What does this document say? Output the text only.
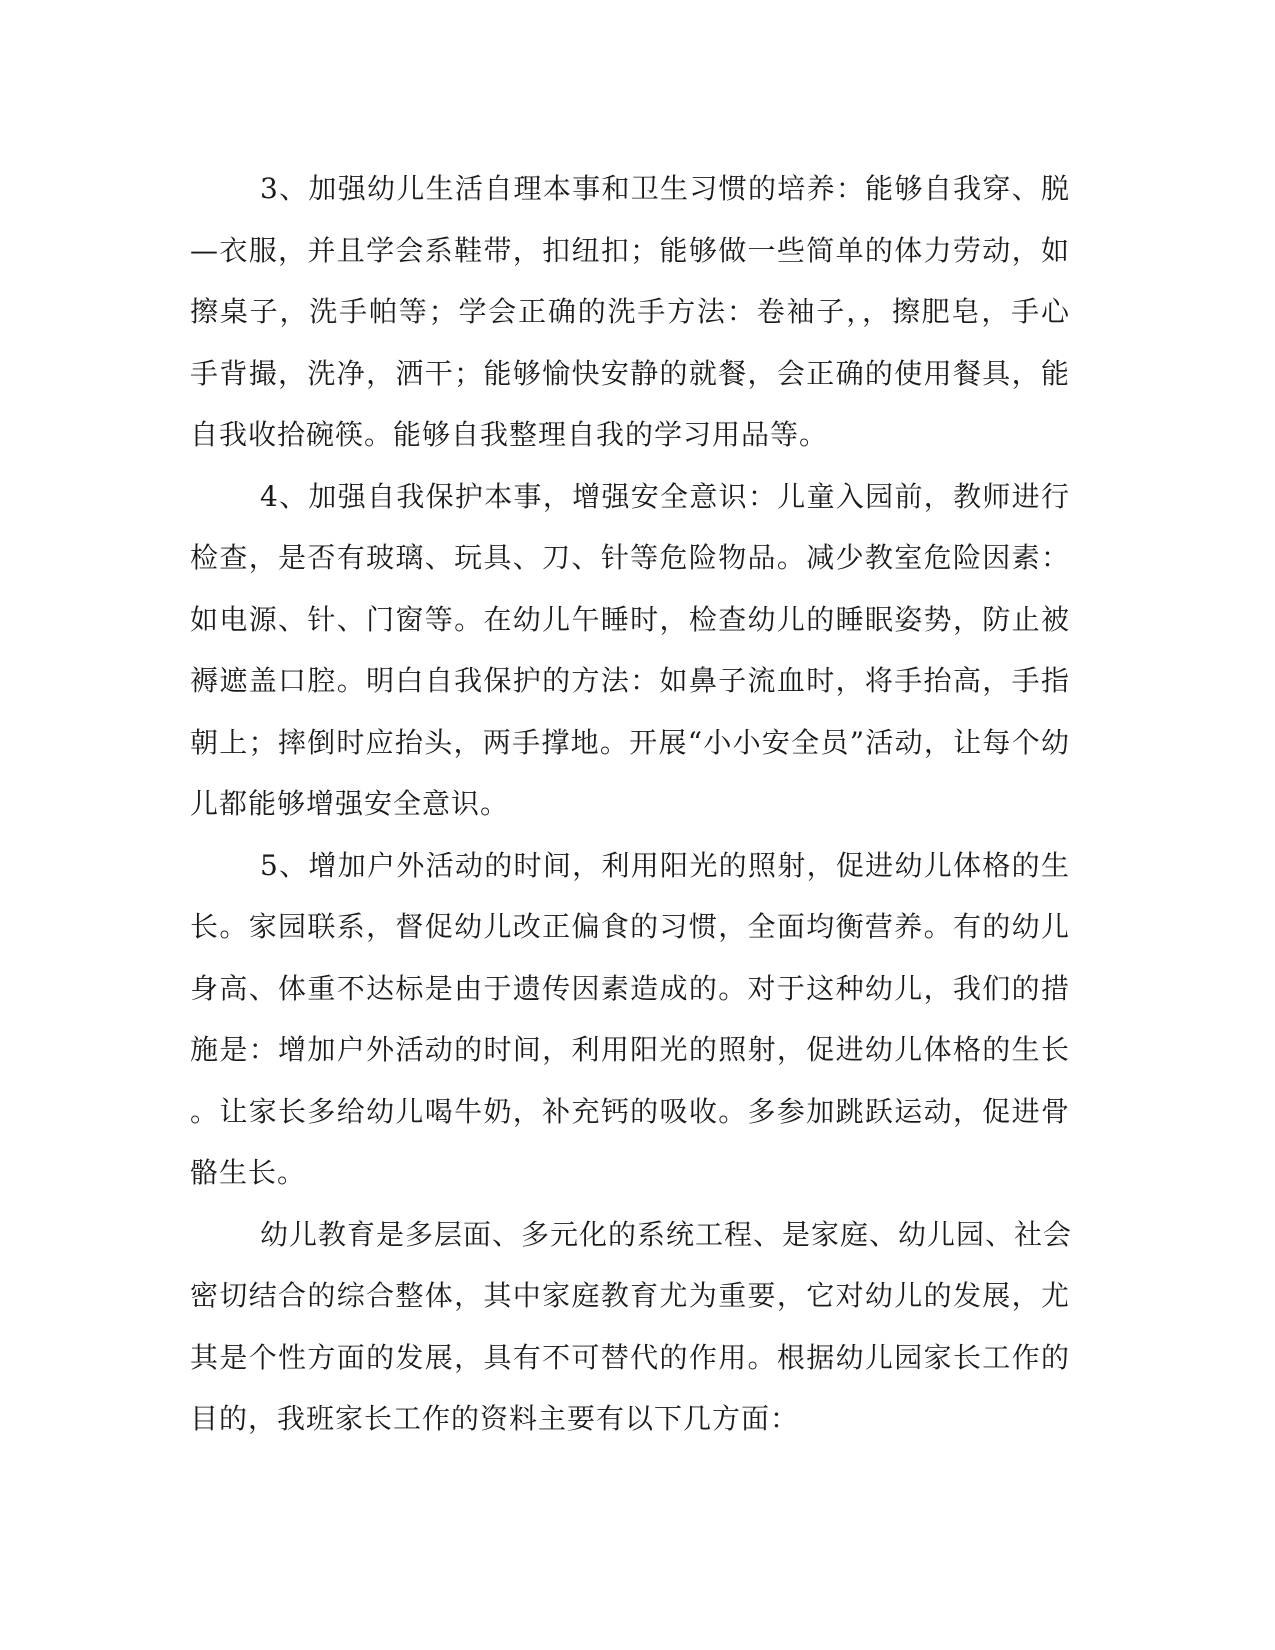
3、加强幼儿生活自理本事和卫生习惯的培养：能够自我穿、脱
—衣服，并且学会系鞋带，扣纽扣；能够做一些简单的体力劳动，如
擦桌子，洗手帕等；学会正确的洗手方法：卷袖子，，擦肥皂，手心
手背撮，洗净，洒干；能够愉快安静的就餐，会正确的使用餐具，能
自我收拾碗筷。能够自我整理自我的学习用品等。
4、加强自我保护本事，增强安全意识：儿童入园前，教师进行
检查，是否有玻璃、玩具、刀、针等危险物品。减少教室危险因素：
如电源、针、门窗等。在幼儿午睡时，检查幼儿的睡眠姿势，防止被
褥遮盖口腔。明白自我保护的方法：如鼻子流血时，将手抬高，手指
朝上；摔倒时应抬头，两手撑地。开展“小小安全员”活动，让每个幼
儿都能够增强安全意识。
5、增加户外活动的时间，利用阳光的照射，促进幼儿体格的生
长。家园联系，督促幼儿改正偏食的习惯，全面均衡营养。有的幼儿
身高、体重不达标是由于遗传因素造成的。对于这种幼儿，我们的措
施是：增加户外活动的时间，利用阳光的照射，促进幼儿体格的生长
。让家长多给幼儿喝牛奶，补充钙的吸收。多参加跳跃运动，促进骨
骼生长。
幼儿教育是多层面、多元化的系统工程、是家庭、幼儿园、社会
密切结合的综合整体，其中家庭教育尤为重要，它对幼儿的发展，尤
其是个性方面的发展，具有不可替代的作用。根据幼儿园家长工作的
目的，我班家长工作的资料主要有以下几方面：
